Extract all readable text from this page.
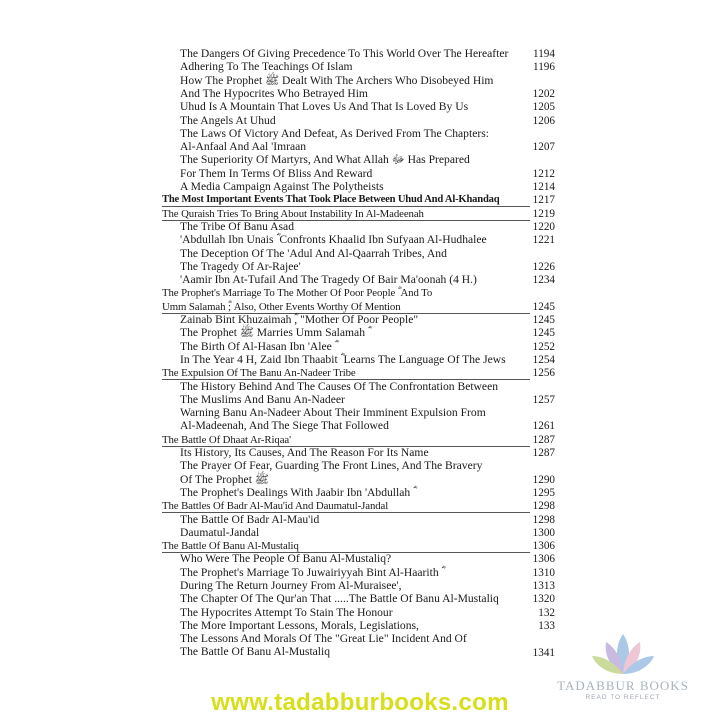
The Dangers Of Giving Precedence To This World Over The Hereafter	1194
Adhering To The Teachings Of Islam	1196
How The Prophet ﷺ Dealt With The Archers Who Disobeyed Him
And The Hypocrites Who Betrayed Him	1202
Uhud Is A Mountain That Loves Us And That Is Loved By Us	1205
The Angels At Uhud	1206
The Laws Of Victory And Defeat, As Derived From The Chapters:
Al-Anfaal And Aal 'Imraan	1207
The Superiority Of Martyrs, And What Allah ﷻ Has Prepared
For Them In Terms Of Bliss And Reward	1212
A Media Campaign Against The Polytheists	1214
The Most Important Events That Took Place Between Uhud And Al-Khandaq	1217
The Quraish Tries To Bring About Instability In Al-Madeenah	1219
The Tribe Of Banu Asad	1220
'Abdullah Ibn Unais ؓ Confronts Khaalid Ibn Sufyaan Al-Hudhalee	1221
The Deception Of The 'Adul And Al-Qaarrah Tribes, And
The Tragedy Of Ar-Rajee'	1226
'Aamir Ibn At-Tufail And The Tragedy Of Bair Ma'oonah (4 H.)	1234
The Prophet's Marriage To The Mother Of Poor People ؓ And To
Umm Salamah ؓ; Also, Other Events Worthy Of Mention	1245
Zainab Bint Khuzaimah ؓ, "Mother Of Poor People"	1245
The Prophet ﷺ Marries Umm Salamah ؓ	1245
The Birth Of Al-Hasan Ibn 'Alee ؓ	1252
In The Year 4 H, Zaid Ibn Thaabit ؓ Learns The Language Of The Jews	1254
The Expulsion Of The Banu An-Nadeer Tribe	1256
The History Behind And The Causes Of The Confrontation Between
The Muslims And Banu An-Nadeer	1257
Warning Banu An-Nadeer About Their Imminent Expulsion From
Al-Madeenah, And The Siege That Followed	1261
The Battle Of Dhaat Ar-Riqaa'	1287
Its History, Its Causes, And The Reason For Its Name	1287
The Prayer Of Fear, Guarding The Front Lines, And The Bravery
Of The Prophet ﷺ	1290
The Prophet's Dealings With Jaabir Ibn 'Abdullah ؓ	1295
The Battles Of Badr Al-Mau'id And Daumatul-Jandal	1298
The Battle Of Badr Al-Mau'id	1298
Daumatul-Jandal	1300
The Battle Of Banu Al-Mustaliq	1306
Who Were The People Of Banu Al-Mustaliq?	1306
The Prophet's Marriage To Juwairiyyah Bint Al-Haarith ؓ	1310
During The Return Journey From Al-Muraisee',	1313
The Chapter Of The Qur'an That .....The Battle Of Banu Al-Mustaliq	1320
The Hypocrites Attempt To Stain The Honour	132
The More Important Lessons, Morals, Legislations,	133
The Lessons And Morals Of The "Great Lie" Incident And Of
The Battle Of Banu Al-Mustaliq	1341
TADABBUR BOOKS
READ TO REFLECT
www.tadabburbooks.com
